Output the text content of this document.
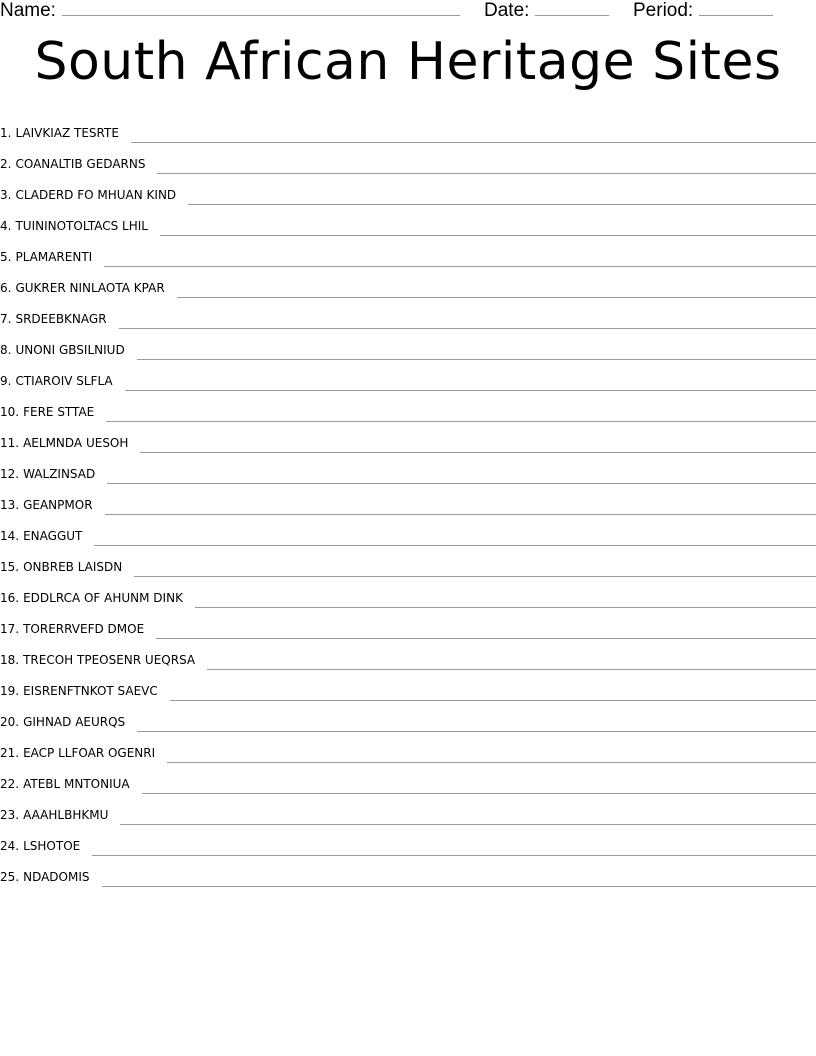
Name:	Date:	Period:
South African Heritage Sites
1. LAIVKIAZ TESRTE
2. COANALTIB GEDARNS
3. CLADERD FO MHUAN KIND
4. TUININOTOLTACS LHIL
5. PLAMARENTI
6. GUKRER NINLAOTA KPAR
7. SRDEEBKNAGR
8. UNONI GBSILNIUD
9. CTIAROIV SLFLA
10. FERE STTAE
11. AELMNDA UESOH
12. WALZINSAD
13. GEANPMOR
14. ENAGGUT
15. ONBREB LAISDN
16. EDDLRCA OF AHUNM DINK
17. TORERRVEFD DMOE
18. TRECOH TPEOSENR UEQRSA
19. EISRENFTNKOT SAEVC
20. GIHNAD AEURQS
21. EACP LLFOAR OGENRI
22. ATEBL MNTONIUA
23. AAAHLBHKMU
24. LSHOTOE
25. NDADOMIS
